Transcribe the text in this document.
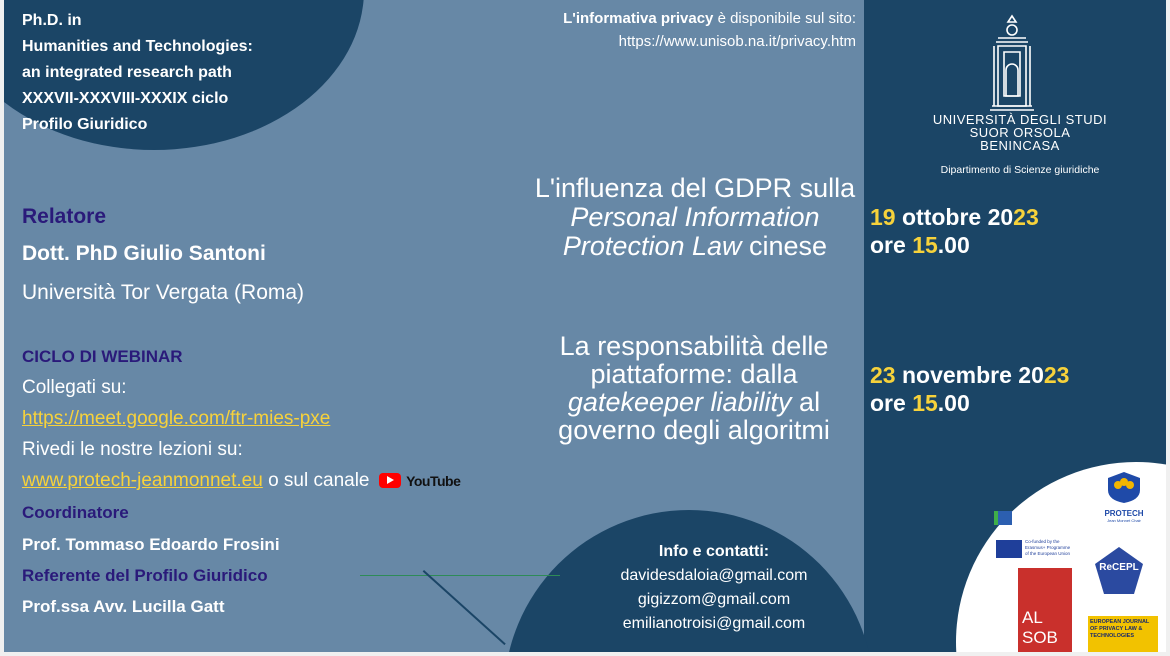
Ph.D. in
Humanities and Technologies:
an integrated research path
XXXVII-XXXVIII-XXXIX ciclo
Profilo Giuridico
L'informativa privacy è disponibile sul sito:
https://www.unisob.na.it/privacy.htm
UNIVERSITÀ DEGLI STUDI
SUOR ORSOLA
BENINCASA
Dipartimento di Scienze giuridiche
Relatore
Dott. PhD Giulio Santoni
Università Tor Vergata (Roma)
CICLO DI WEBINAR
Collegati su:
https://meet.google.com/ftr-mies-pxe
Rivedi le nostre lezioni su:
www.protech-jeanmonnet.eu o sul canale	YouTube
Coordinatore
Prof. Tommaso Edoardo Frosini
Referente del Profilo Giuridico
Prof.ssa Avv. Lucilla Gatt
L'influenza del GDPR sulla Personal Information Protection Law cinese
19 ottobre 2023
ore 15.00
La responsabilità delle piattaforme: dalla gatekeeper liability al governo degli algoritmi
23 novembre 2023
ore 15.00
Info e contatti:
davidesdaloia@gmail.com
gigizzom@gmail.com
emilianotroisi@gmail.com
PROTECH
Jean Monnet Chair
Co-funded by the
Erasmus+ Programme
of the European Union
ReCEPL
AL
SOB
EUROPEAN JOURNAL OF PRIVACY LAW & TECHNOLOGIES
